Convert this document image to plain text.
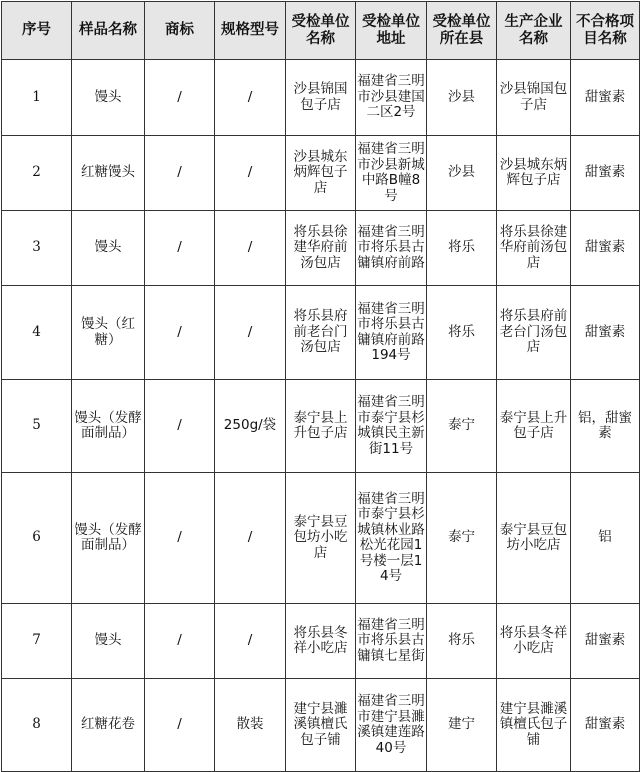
序号	样品名称	商标	规格型号	受检单位名称	受检单位地址	受检单位所在县	生产企业名称	不合格项目名称
1	馒头	/	/	沙县锦国包子店	福建省三明市沙县建国二区2号	沙县	沙县锦国包子店	甜蜜素
2	红糖馒头	/	/	沙县城东炳辉包子店	福建省三明市沙县新城中路B幢8号	沙县	沙县城东炳辉包子店	甜蜜素
3	馒头	/	/	将乐县徐建华府前汤包店	福建省三明市将乐县古镛镇府前路	将乐	将乐县徐建华府前汤包店	甜蜜素
4	馒头（红糖）	/	/	将乐县府前老台门汤包店	福建省三明市将乐县古镛镇府前路194号	将乐	将乐县府前老台门汤包店	甜蜜素
5	馒头（发酵面制品）	/	250g/袋	泰宁县上升包子店	福建省三明市泰宁县杉城镇民主新街11号	泰宁	泰宁县上升包子店	铝，甜蜜素
6	馒头（发酵面制品）	/	/	泰宁县豆包坊小吃店	福建省三明市泰宁县杉城镇林业路松光花园1号楼一层14号	泰宁	泰宁县豆包坊小吃店	铝
7	馒头	/	/	将乐县冬祥小吃店	福建省三明市将乐县古镛镇七星街	将乐	将乐县冬祥小吃店	甜蜜素
8	红糖花卷	/	散装	建宁县濉溪镇檀氏包子铺	福建省三明市建宁县濉溪镇建莲路40号	建宁	建宁县濉溪镇檀氏包子铺	甜蜜素
